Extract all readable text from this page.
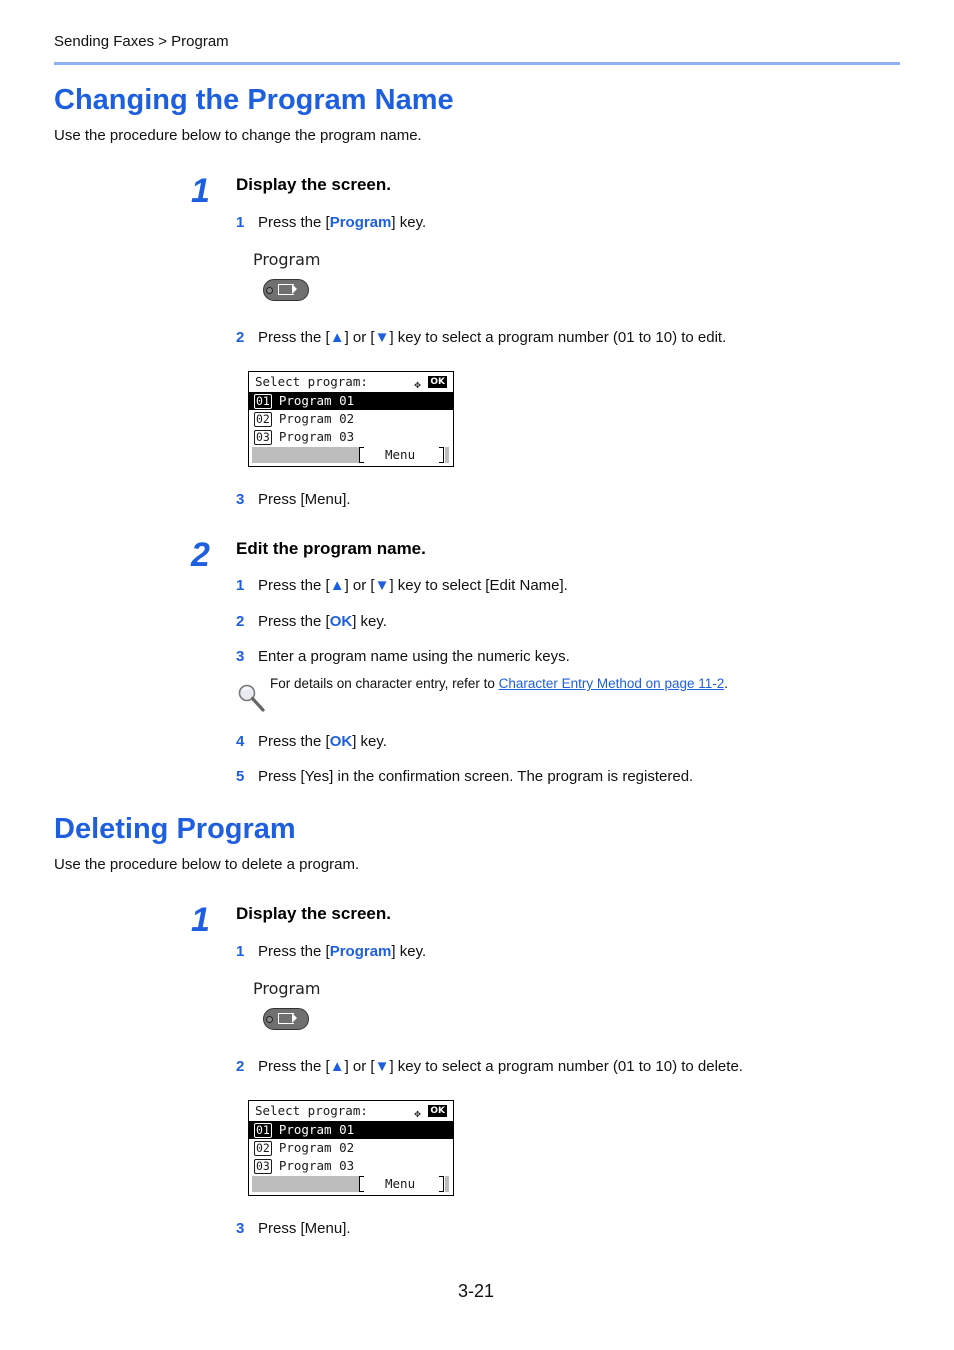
Sending Faxes > Program
Changing the Program Name
Use the procedure below to change the program name.
1 Display the screen.
1 Press the [Program] key.
Program
2 Press the [▲] or [▼] key to select a program number (01 to 10) to edit.
Select program:	✥ OK
01 Program 01
02 Program 02
03 Program 03
Menu
3 Press [Menu].
2 Edit the program name.
1 Press the [▲] or [▼] key to select [Edit Name].
2 Press the [OK] key.
3 Enter a program name using the numeric keys.
For details on character entry, refer to Character Entry Method on page 11-2.
4 Press the [OK] key.
5 Press [Yes] in the confirmation screen. The program is registered.
Deleting Program
Use the procedure below to delete a program.
1 Display the screen.
1 Press the [Program] key.
Program
2 Press the [▲] or [▼] key to select a program number (01 to 10) to delete.
Select program:	✥ OK
01 Program 01
02 Program 02
03 Program 03
Menu
3 Press [Menu].
3-21
